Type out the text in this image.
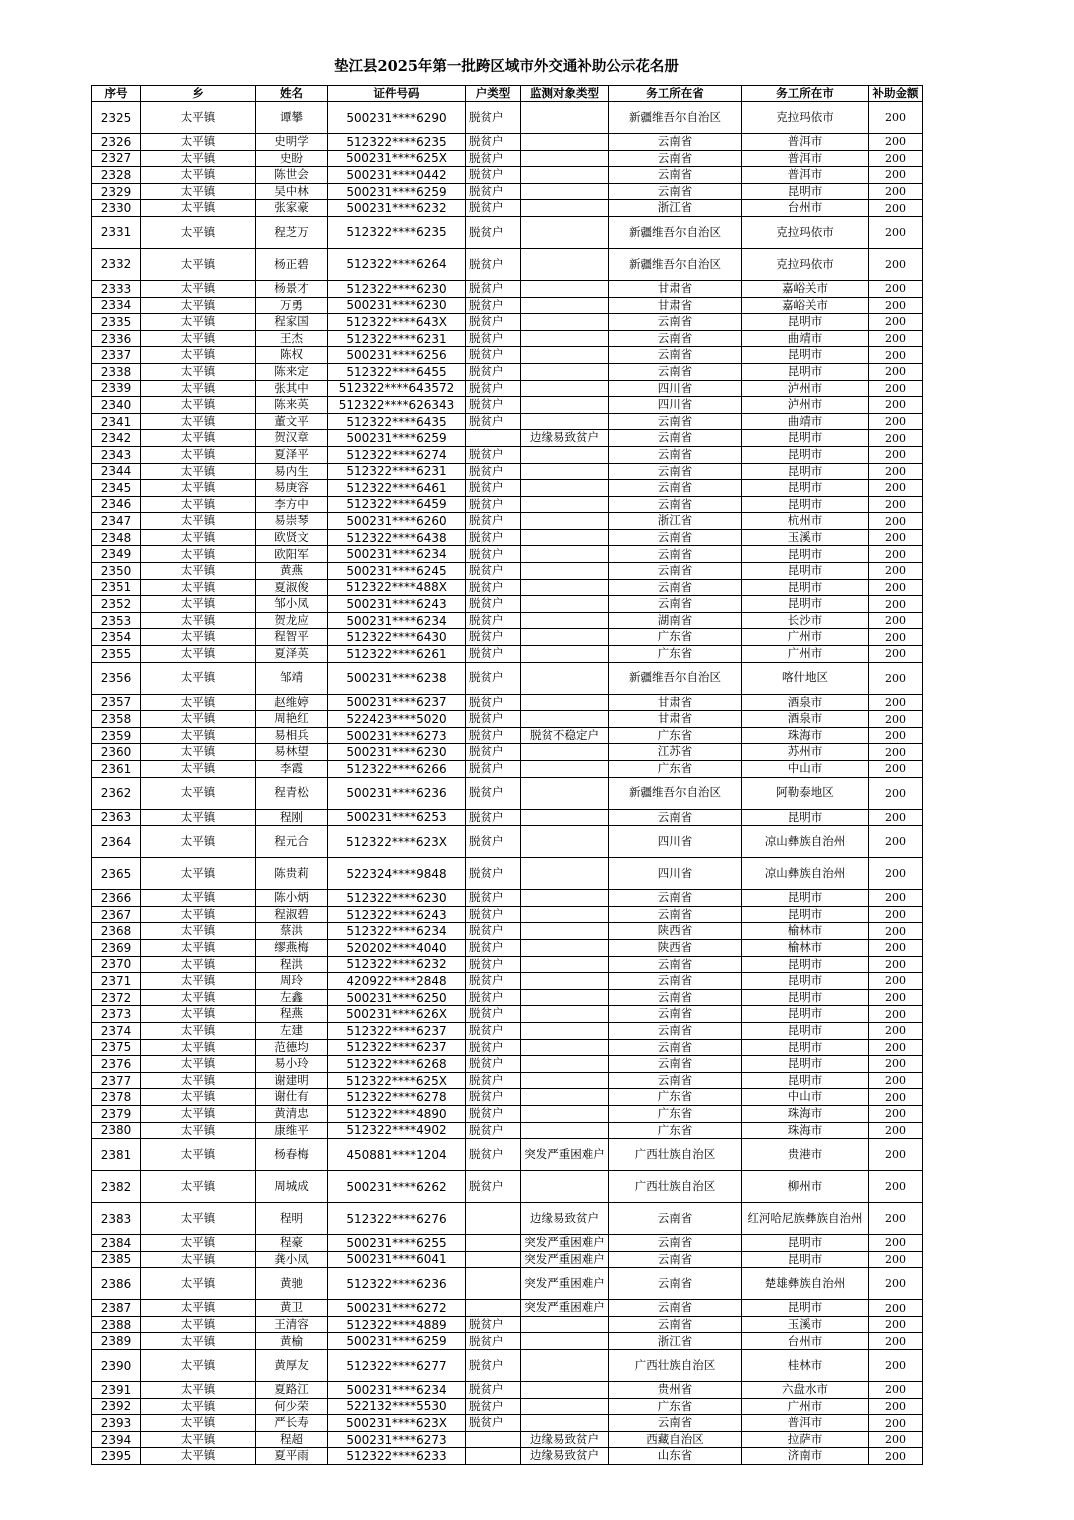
垫江县2025年第一批跨区域市外交通补助公示花名册
序号	乡	姓名	证件号码	户类型	监测对象类型	务工所在省	务工所在市	补助金额
2325	太平镇	谭攀	500231****6290	脱贫户		新疆维吾尔自治区	克拉玛依市	200
2326	太平镇	史明学	512322****6235	脱贫户		云南省	普洱市	200
2327	太平镇	史盼	500231****625X	脱贫户		云南省	普洱市	200
2328	太平镇	陈世会	500231****0442	脱贫户		云南省	普洱市	200
2329	太平镇	吴中林	500231****6259	脱贫户		云南省	昆明市	200
2330	太平镇	张家豪	500231****6232	脱贫户		浙江省	台州市	200
2331	太平镇	程芝万	512322****6235	脱贫户		新疆维吾尔自治区	克拉玛依市	200
2332	太平镇	杨正碧	512322****6264	脱贫户		新疆维吾尔自治区	克拉玛依市	200
2333	太平镇	杨景才	512322****6230	脱贫户		甘肃省	嘉峪关市	200
2334	太平镇	万勇	500231****6230	脱贫户		甘肃省	嘉峪关市	200
2335	太平镇	程家国	512322****643X	脱贫户		云南省	昆明市	200
2336	太平镇	王杰	512322****6231	脱贫户		云南省	曲靖市	200
2337	太平镇	陈权	500231****6256	脱贫户		云南省	昆明市	200
2338	太平镇	陈来定	512322****6455	脱贫户		云南省	昆明市	200
2339	太平镇	张其中	512322****643572	脱贫户		四川省	泸州市	200
2340	太平镇	陈来英	512322****626343	脱贫户		四川省	泸州市	200
2341	太平镇	董文平	512322****6435	脱贫户		云南省	曲靖市	200
2342	太平镇	贺汉章	500231****6259		边缘易致贫户	云南省	昆明市	200
2343	太平镇	夏泽平	512322****6274	脱贫户		云南省	昆明市	200
2344	太平镇	易内生	512322****6231	脱贫户		云南省	昆明市	200
2345	太平镇	易庚容	512322****6461	脱贫户		云南省	昆明市	200
2346	太平镇	李方中	512322****6459	脱贫户		云南省	昆明市	200
2347	太平镇	易崇琴	500231****6260	脱贫户		浙江省	杭州市	200
2348	太平镇	欧贤文	512322****6438	脱贫户		云南省	玉溪市	200
2349	太平镇	欧阳军	500231****6234	脱贫户		云南省	昆明市	200
2350	太平镇	黄燕	500231****6245	脱贫户		云南省	昆明市	200
2351	太平镇	夏淑俊	512322****488X	脱贫户		云南省	昆明市	200
2352	太平镇	邹小凤	500231****6243	脱贫户		云南省	昆明市	200
2353	太平镇	贺龙应	500231****6234	脱贫户		湖南省	长沙市	200
2354	太平镇	程智平	512322****6430	脱贫户		广东省	广州市	200
2355	太平镇	夏泽英	512322****6261	脱贫户		广东省	广州市	200
2356	太平镇	邹靖	500231****6238	脱贫户		新疆维吾尔自治区	喀什地区	200
2357	太平镇	赵维婷	500231****6237	脱贫户		甘肃省	酒泉市	200
2358	太平镇	周艳红	522423****5020	脱贫户		甘肃省	酒泉市	200
2359	太平镇	易相兵	500231****6273	脱贫户	脱贫不稳定户	广东省	珠海市	200
2360	太平镇	易林望	500231****6230	脱贫户		江苏省	苏州市	200
2361	太平镇	李霞	512322****6266	脱贫户		广东省	中山市	200
2362	太平镇	程青松	500231****6236	脱贫户		新疆维吾尔自治区	阿勒泰地区	200
2363	太平镇	程刚	500231****6253	脱贫户		云南省	昆明市	200
2364	太平镇	程元合	512322****623X	脱贫户		四川省	凉山彝族自治州	200
2365	太平镇	陈贵莉	522324****9848	脱贫户		四川省	凉山彝族自治州	200
2366	太平镇	陈小炳	512322****6230	脱贫户		云南省	昆明市	200
2367	太平镇	程淑碧	512322****6243	脱贫户		云南省	昆明市	200
2368	太平镇	蔡洪	512322****6234	脱贫户		陕西省	榆林市	200
2369	太平镇	缪燕梅	520202****4040	脱贫户		陕西省	榆林市	200
2370	太平镇	程洪	512322****6232	脱贫户		云南省	昆明市	200
2371	太平镇	周玲	420922****2848	脱贫户		云南省	昆明市	200
2372	太平镇	左鑫	500231****6250	脱贫户		云南省	昆明市	200
2373	太平镇	程燕	500231****626X	脱贫户		云南省	昆明市	200
2374	太平镇	左建	512322****6237	脱贫户		云南省	昆明市	200
2375	太平镇	范德均	512322****6237	脱贫户		云南省	昆明市	200
2376	太平镇	易小玲	512322****6268	脱贫户		云南省	昆明市	200
2377	太平镇	谢建明	512322****625X	脱贫户		云南省	昆明市	200
2378	太平镇	谢仕有	512322****6278	脱贫户		广东省	中山市	200
2379	太平镇	黄清忠	512322****4890	脱贫户		广东省	珠海市	200
2380	太平镇	康维平	512322****4902	脱贫户		广东省	珠海市	200
2381	太平镇	杨春梅	450881****1204	脱贫户	突发严重困难户	广西壮族自治区	贵港市	200
2382	太平镇	周城成	500231****6262	脱贫户		广西壮族自治区	柳州市	200
2383	太平镇	程明	512322****6276		边缘易致贫户	云南省	红河哈尼族彝族自治州	200
2384	太平镇	程豪	500231****6255		突发严重困难户	云南省	昆明市	200
2385	太平镇	龚小凤	500231****6041		突发严重困难户	云南省	昆明市	200
2386	太平镇	黄驰	512322****6236		突发严重困难户	云南省	楚雄彝族自治州	200
2387	太平镇	黄卫	500231****6272		突发严重困难户	云南省	昆明市	200
2388	太平镇	王清容	512322****4889	脱贫户		云南省	玉溪市	200
2389	太平镇	黄榆	500231****6259	脱贫户		浙江省	台州市	200
2390	太平镇	黄厚友	512322****6277	脱贫户		广西壮族自治区	桂林市	200
2391	太平镇	夏路江	500231****6234	脱贫户		贵州省	六盘水市	200
2392	太平镇	何少荣	522132****5530	脱贫户		广东省	广州市	200
2393	太平镇	严长寿	500231****623X	脱贫户		云南省	普洱市	200
2394	太平镇	程超	500231****6273		边缘易致贫户	西藏自治区	拉萨市	200
2395	太平镇	夏平雨	512322****6233		边缘易致贫户	山东省	济南市	200
